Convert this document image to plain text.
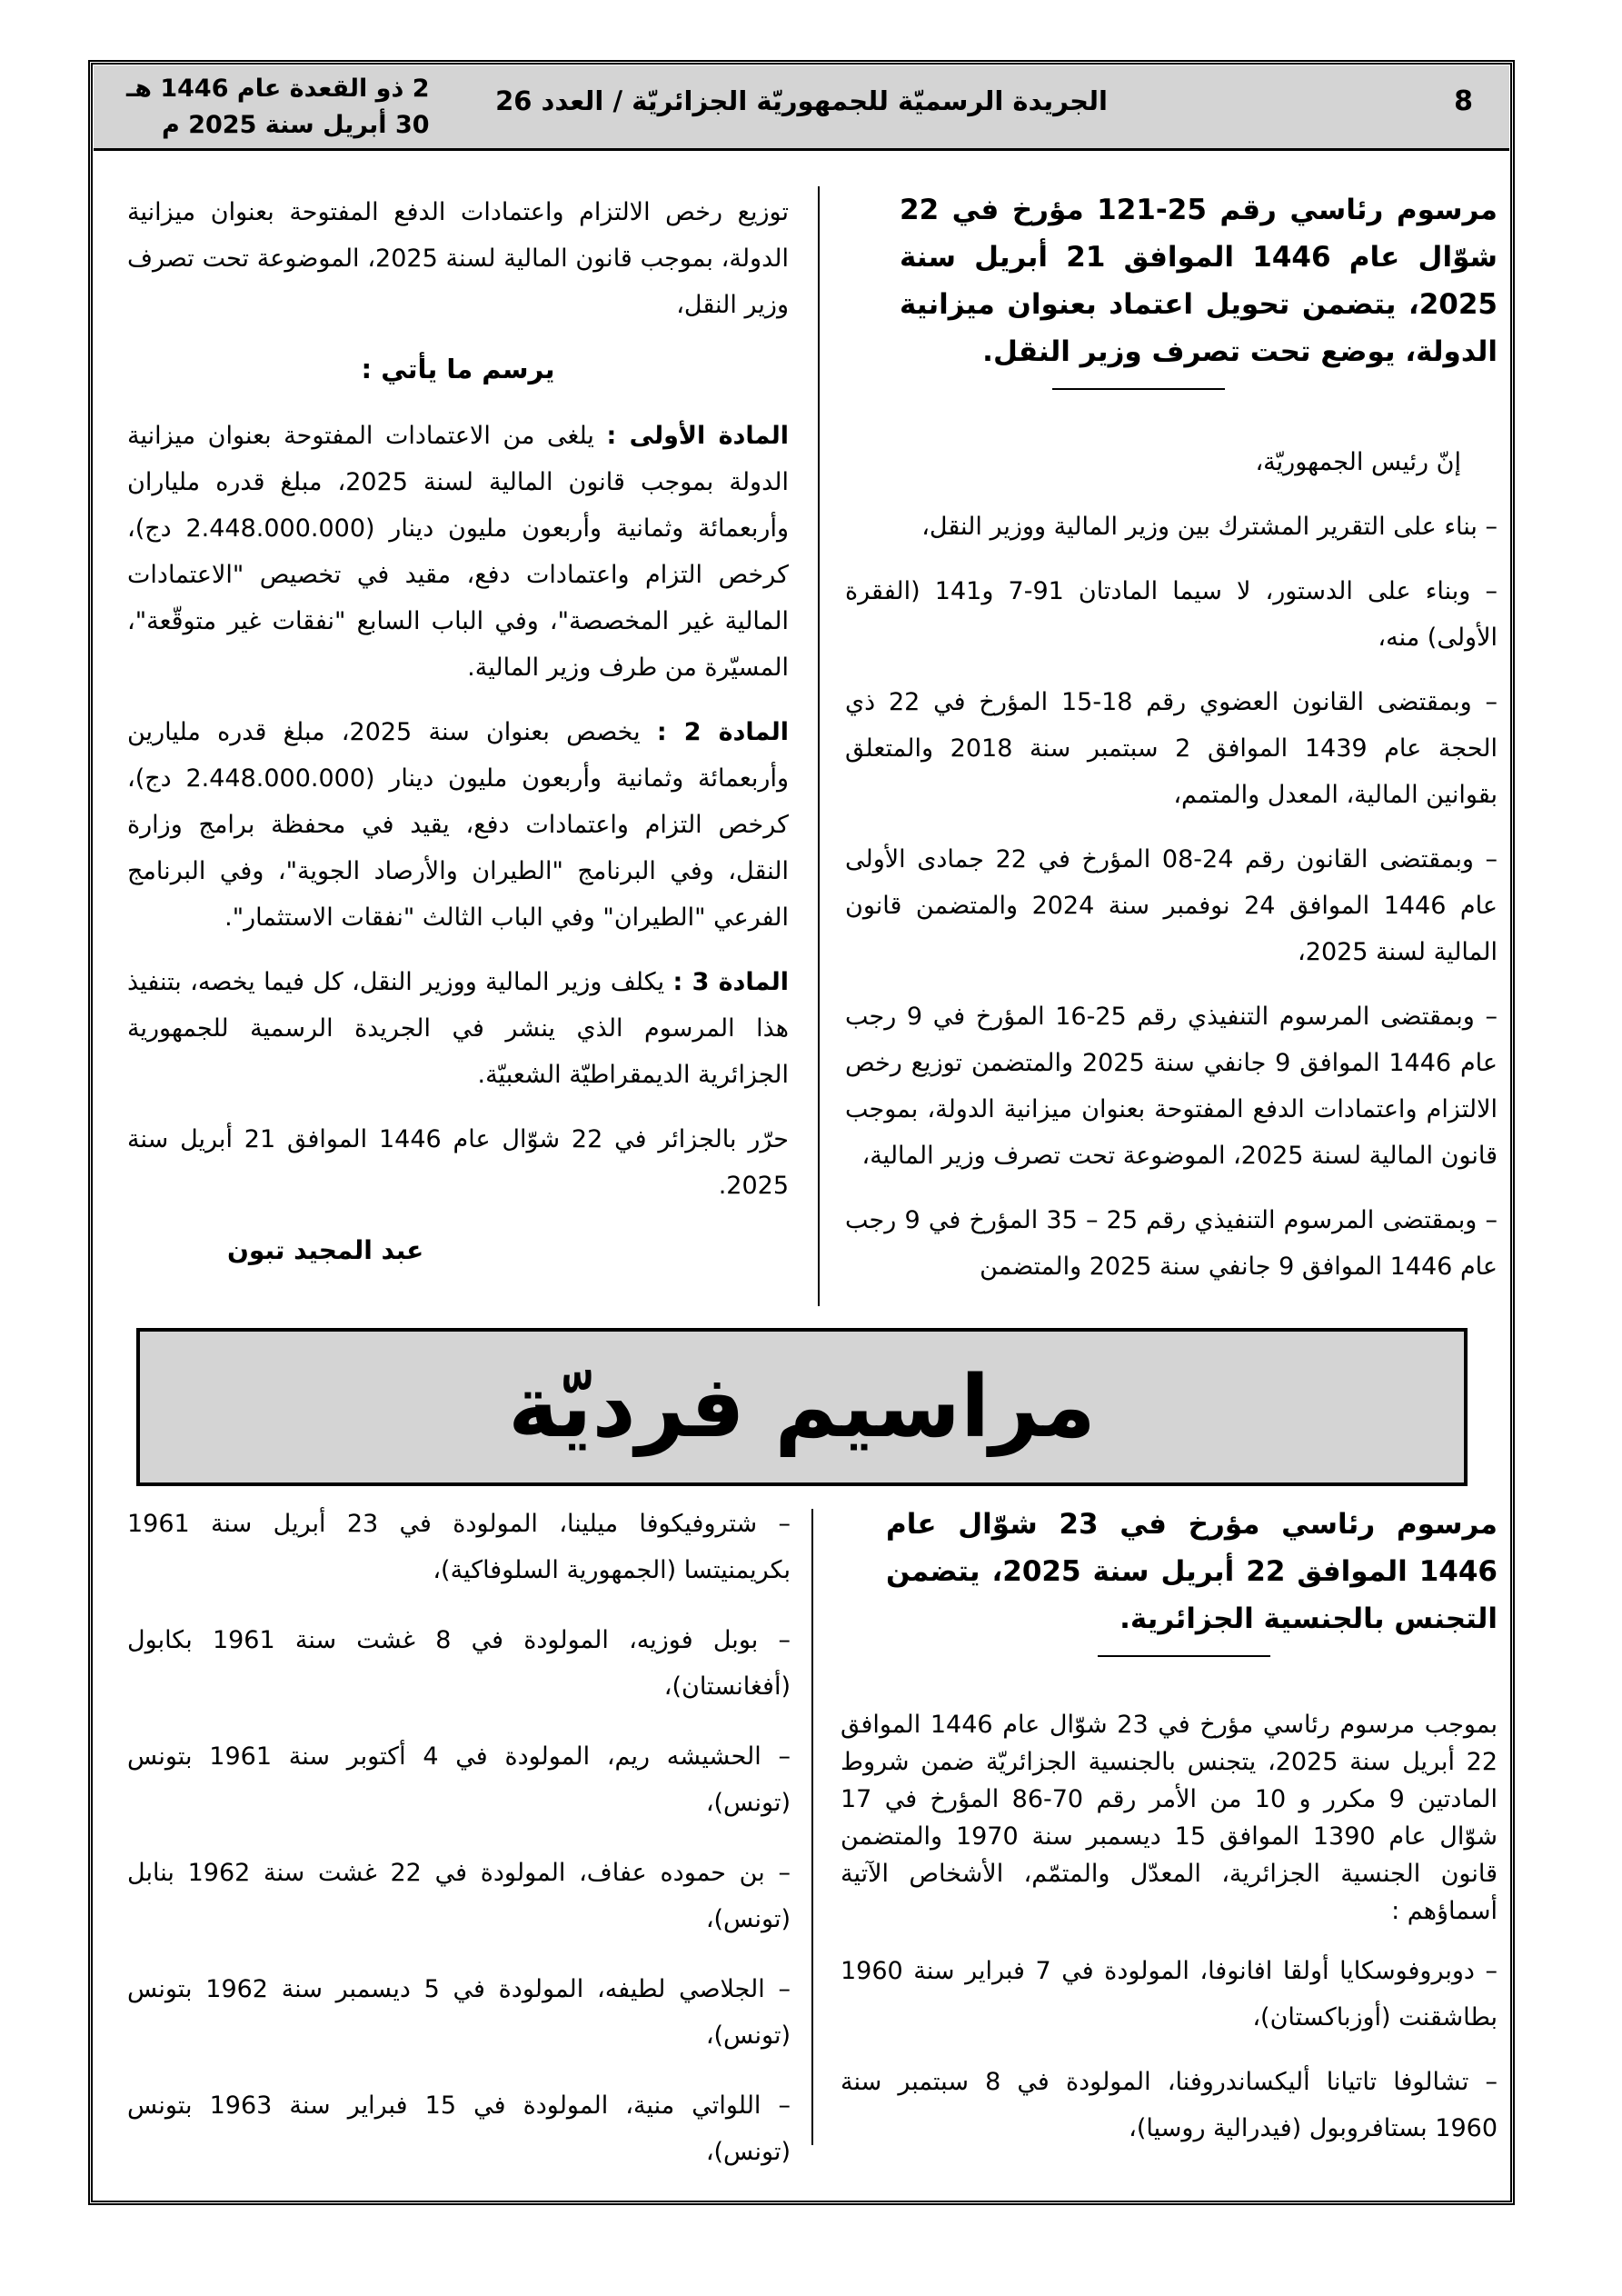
8
الجريدة الرسميّة للجمهوريّة الجزائريّة / العدد 26
2 ذو القعدة عام 1446 هـ
30 أبريل سنة 2025 م

مرسوم رئاسي رقم 25-121 مؤرخ في 22 شوّال عام 1446 الموافق 21 أبريل سنة 2025، يتضمن تحويل اعتماد بعنوان ميزانية الدولة، يوضع تحت تصرف وزير النقل.

إنّ رئيس الجمهوريّة،

– بناء على التقرير المشترك بين وزير المالية ووزير النقل،

– وبناء على الدستور، لا سيما المادتان 91-7 و141 (الفقرة الأولى) منه،

– وبمقتضى القانون العضوي رقم 18-15 المؤرخ في 22 ذي الحجة عام 1439 الموافق 2 سبتمبر سنة 2018 والمتعلق بقوانين المالية، المعدل والمتمم،

– وبمقتضى القانون رقم 24-08 المؤرخ في 22 جمادى الأولى عام 1446 الموافق 24 نوفمبر سنة 2024 والمتضمن قانون المالية لسنة 2025،

– وبمقتضى المرسوم التنفيذي رقم 25-16 المؤرخ في 9 رجب عام 1446 الموافق 9 جانفي سنة 2025 والمتضمن توزيع رخص الالتزام واعتمادات الدفع المفتوحة بعنوان ميزانية الدولة، بموجب قانون المالية لسنة 2025، الموضوعة تحت تصرف وزير المالية،

– وبمقتضى المرسوم التنفيذي رقم 25 – 35 المؤرخ في 9 رجب عام 1446 الموافق 9 جانفي سنة 2025 والمتضمن

توزيع رخص الالتزام واعتمادات الدفع المفتوحة بعنوان ميزانية الدولة، بموجب قانون المالية لسنة 2025، الموضوعة تحت تصرف وزير النقل،

يرسم ما يأتي :

المادة الأولى : يلغى من الاعتمادات المفتوحة بعنوان ميزانية الدولة بموجب قانون المالية لسنة 2025، مبلغ قدره ملياران وأربعمائة وثمانية وأربعون مليون دينار (2.448.000.000 دج)، كرخص التزام واعتمادات دفع، مقيد في تخصيص "الاعتمادات المالية غير المخصصة"، وفي الباب السابع "نفقات غير متوقّعة"، المسيّرة من طرف وزير المالية.

المادة 2 : يخصص بعنوان سنة 2025، مبلغ قدره مليارين وأربعمائة وثمانية وأربعون مليون دينار (2.448.000.000 دج)، كرخص التزام واعتمادات دفع، يقيد في محفظة برامج وزارة النقل، وفي البرنامج "الطيران والأرصاد الجوية"، وفي البرنامج الفرعي "الطيران" وفي الباب الثالث "نفقات الاستثمار".

المادة 3 : يكلف وزير المالية ووزير النقل، كل فيما يخصه، بتنفيذ هذا المرسوم الذي ينشر في الجريدة الرسمية للجمهورية الجزائرية الديمقراطيّة الشعبيّة.

حرّر بالجزائر في 22 شوّال عام 1446 الموافق 21 أبريل سنة 2025.

عبد المجيد تبون

مراسيم فرديّة

مرسوم رئاسي مؤرخ في 23 شوّال عام 1446 الموافق 22 أبريل سنة 2025، يتضمن التجنس بالجنسية الجزائرية.

بموجب مرسوم رئاسي مؤرخ في 23 شوّال عام 1446 الموافق 22 أبريل سنة 2025، يتجنس بالجنسية الجزائريّة ضمن شروط المادتين 9 مكرر و 10 من الأمر رقم 70-86 المؤرخ في 17 شوّال عام 1390 الموافق 15 ديسمبر سنة 1970 والمتضمن قانون الجنسية الجزائرية، المعدّل والمتمّم، الأشخاص الآتية أسماؤهم :

– دوبروفوسكايا أولقا افانوفا، المولودة في 7 فبراير سنة 1960 بطاشقنت (أوزباكستان)،

– تشالوفا تاتيانا أليكساندروفنا، المولودة في 8 سبتمبر سنة 1960 بستافروبول (فيدرالية روسيا)،

– شتروفيكوفا ميلينا، المولودة في 23 أبريل سنة 1961 بكريمنيتسا (الجمهورية السلوفاكية)،

– بوبل فوزيه، المولودة في 8 غشت سنة 1961 بكابول (أفغانستان)،

– الحشيشه ريم، المولودة في 4 أكتوبر سنة 1961 بتونس (تونس)،

– بن حموده عفاف، المولودة في 22 غشت سنة 1962 بنابل (تونس)،

– الجلاصي لطيفه، المولودة في 5 ديسمبر سنة 1962 بتونس (تونس)،

– اللواتي منية، المولودة في 15 فبراير سنة 1963 بتونس (تونس)،
